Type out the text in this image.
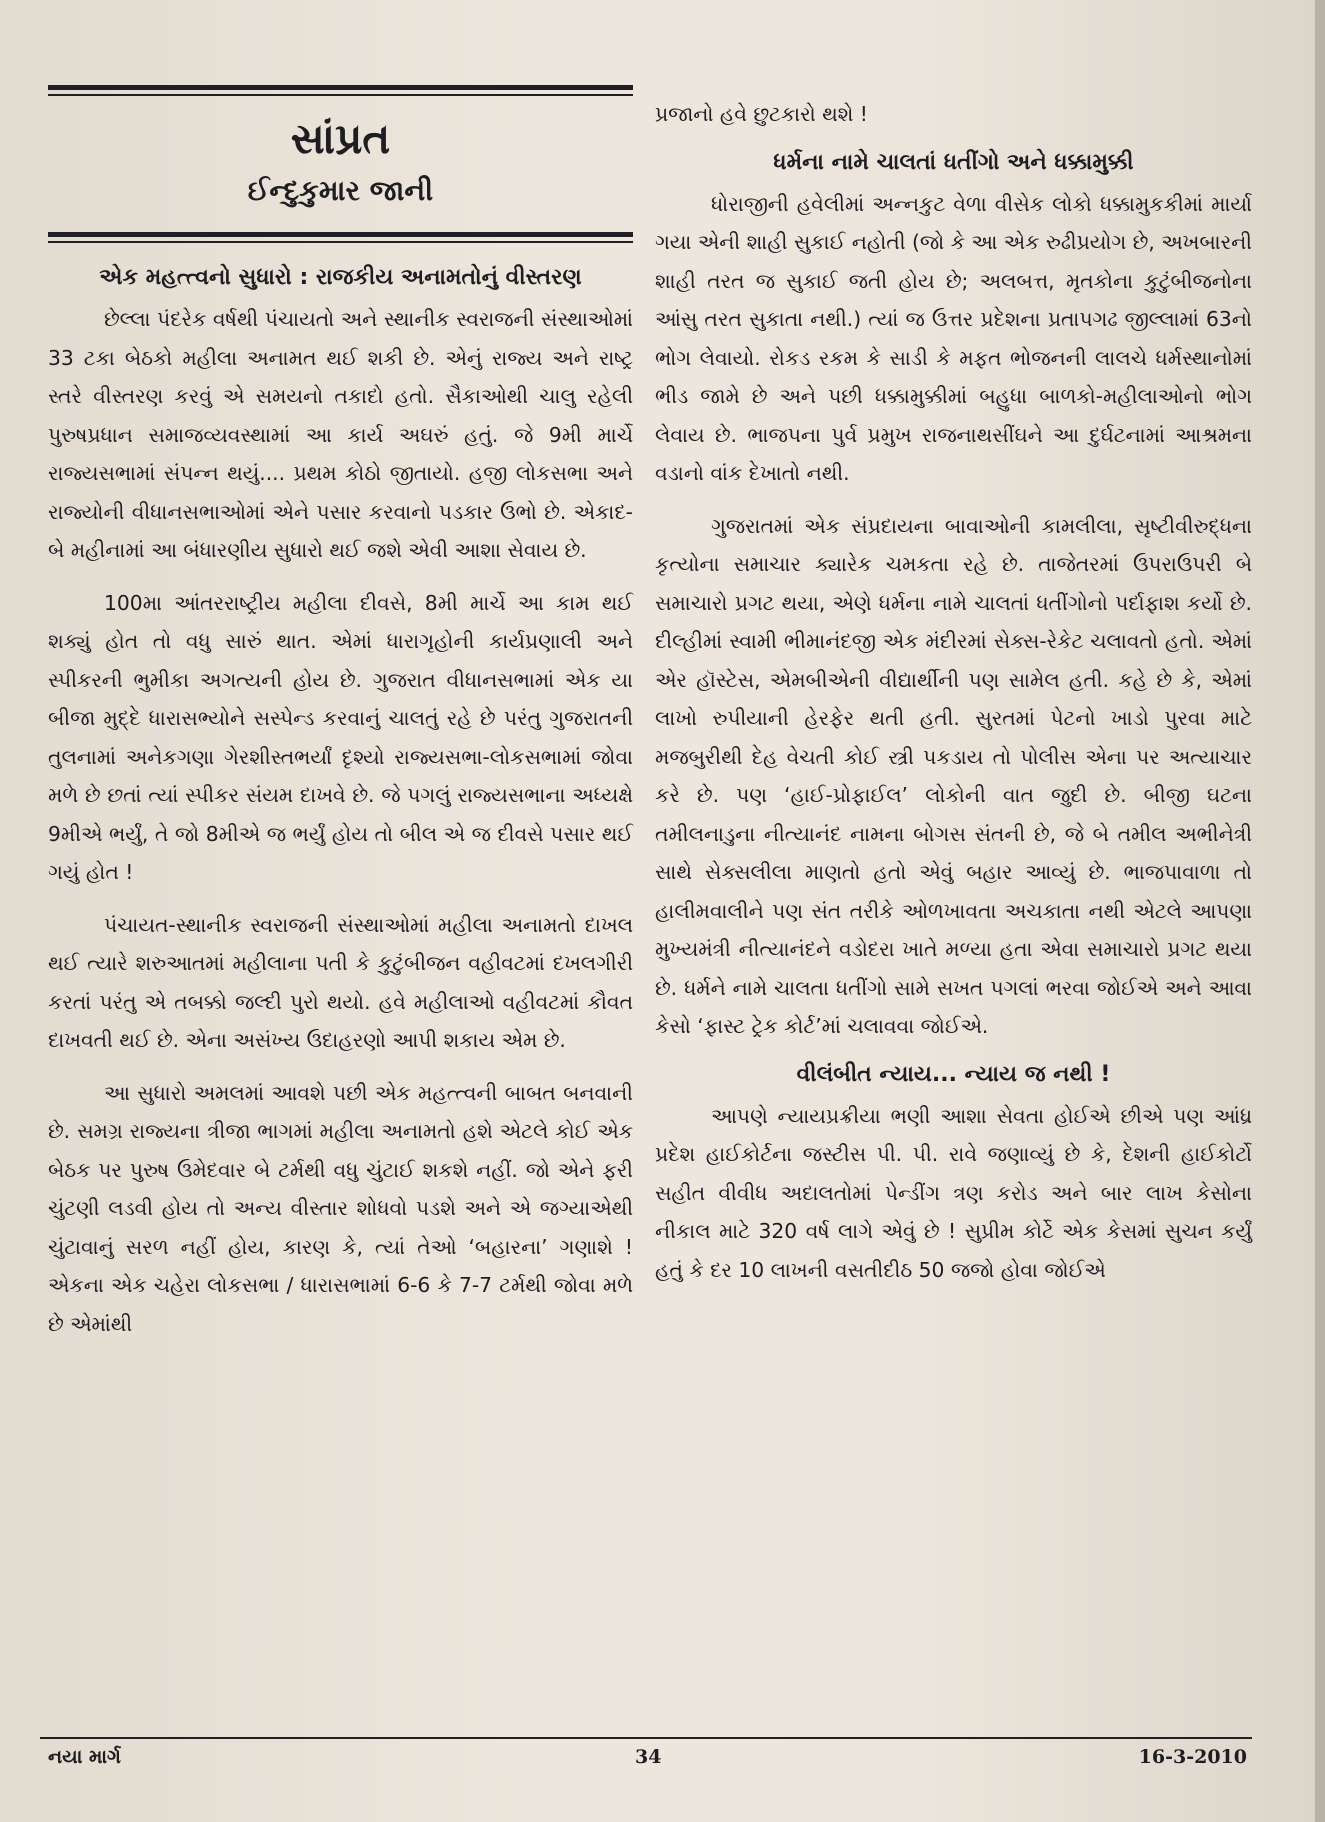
સાંપ્રત
ઈન્દુકુમાર જાની
એક મહત્ત્વનો સુધારો : રાજકીય અનામતોનું વીસ્તરણ

છેલ્લા પંદરેક વર્ષથી પંચાયતો અને સ્થાનીક સ્વરાજની સંસ્થાઓમાં 33 ટકા બેઠકો મહીલા અનામત થઈ શકી છે. એનું રાજ્ય અને રાષ્ટ્ર સ્તરે વીસ્તરણ કરવું એ સમયનો તકાદો હતો. સૈકાઓથી ચાલુ રહેલી પુરુષપ્રધાન સમાજવ્યવસ્થામાં આ કાર્ય અઘરું હતું. જે 9મી માર્ચે રાજ્યસભામાં સંપન્ન થયું.... પ્રથમ કોઠો જીતાયો. હજી લોકસભા અને રાજ્યોની વીધાનસભાઓમાં એને પસાર કરવાનો પડકાર ઉભો છે. એકાદ-બે મહીનામાં આ બંધારણીય સુધારો થઈ જશે એવી આશા સેવાય છે.

100મા આંતરરાષ્ટ્રીય મહીલા દીવસે, 8મી માર્ચે આ કામ થઈ શક્યું હોત તો વધુ સારું થાત. એમાં ધારાગૃહોની કાર્યપ્રણાલી અને સ્પીકરની ભુમીકા અગત્યની હોય છે. ગુજરાત વીધાનસભામાં એક યા બીજા મુદ્દે ધારાસભ્યોને સસ્પેન્ડ કરવાનું ચાલતું રહે છે પરંતુ ગુજરાતની તુલનામાં અનેકગણા ગેરશીસ્તભર્યાં દૃશ્યો રાજ્યસભા-લોકસભામાં જોવા મળે છે છતાં ત્યાં સ્પીકર સંયમ દાખવે છે. જે પગલું રાજ્યસભાના અધ્યક્ષે 9મીએ ભર્યું, તે જો 8મીએ જ ભર્યું હોય તો બીલ એ જ દીવસે પસાર થઈ ગયું હોત !

પંચાયત-સ્થાનીક સ્વરાજની સંસ્થાઓમાં મહીલા અનામતો દાખલ થઈ ત્યારે શરુઆતમાં મહીલાના પતી કે કુટુંબીજન વહીવટમાં દખલગીરી કરતાં પરંતુ એ તબક્કો જલ્દી પુરો થયો. હવે મહીલાઓ વહીવટમાં કૌવત દાખવતી થઈ છે. એના અસંખ્ય ઉદાહરણો આપી શકાય એમ છે.

આ સુધારો અમલમાં આવશે પછી એક મહત્ત્વની બાબત બનવાની છે. સમગ્ર રાજ્યના ત્રીજા ભાગમાં મહીલા અનામતો હશે એટલે કોઈ એક બેઠક પર પુરુષ ઉમેદવાર બે ટર્મથી વધુ ચુંટાઈ શકશે નહીં. જો એને ફરી ચુંટણી લડવી હોય તો અન્ય વીસ્તાર શોધવો પડશે અને એ જગ્યાએથી ચુંટાવાનું સરળ નહીં હોય, કારણ કે, ત્યાં તેઓ ‘બહારના’ ગણાશે ! એકના એક ચહેરા લોકસભા / ધારાસભામાં 6-6 કે 7-7 ટર્મથી જોવા મળે છે એમાંથી

પ્રજાનો હવે છુટકારો થશે !

ધર્મના નામે ચાલતાં ધતીંગો અને ધક્કામુક્કી

ધોરાજીની હવેલીમાં અન્નકુટ વેળા વીસેક લોકો ધક્કામુકકીમાં માર્યા ગયા એની શાહી સુકાઈ નહોતી (જો કે આ એક રુઢીપ્રયોગ છે, અખબારની શાહી તરત જ સુકાઈ જતી હોય છે; અલબત્ત, મૃતકોના કુટુંબીજનોના આંસુ તરત સુકાતા નથી.) ત્યાં જ ઉત્તર પ્રદેશના પ્રતાપગઢ જીલ્લામાં 63નો ભોગ લેવાયો. રોકડ રકમ કે સાડી કે મફત ભોજનની લાલચે ધર્મસ્થાનોમાં ભીડ જામે છે અને પછી ધક્કામુક્કીમાં બહુધા બાળકો-મહીલાઓનો ભોગ લેવાય છે. ભાજપના પુર્વ પ્રમુખ રાજનાથસીંઘને આ દુર્ઘટનામાં આશ્રમના વડાનો વાંક દેખાતો નથી.

ગુજરાતમાં એક સંપ્રદાયના બાવાઓની કામલીલા, સૃષ્ટીવીરુદ્ધના કૃત્યોના સમાચાર ક્યારેક ચમકતા રહે છે. તાજેતરમાં ઉપરાઉપરી બે સમાચારો પ્રગટ થયા, એણે ધર્મના નામે ચાલતાં ધતીંગોનો પર્દાફાશ કર્યો છે. દીલ્હીમાં સ્વામી ભીમાનંદજી એક મંદીરમાં સેક્સ-રેકેટ ચલાવતો હતો. એમાં એર હૉસ્ટેસ, એમબીએની વીદ્યાર્થીની પણ સામેલ હતી. કહે છે કે, એમાં લાખો રુપીયાની હેરફેર થતી હતી. સુરતમાં પેટનો ખાડો પુરવા માટે મજબુરીથી દેહ વેચતી કોઈ સ્ત્રી પકડાય તો પોલીસ એના પર અત્યાચાર કરે છે. પણ ‘હાઈ-પ્રોફાઈલ’ લોકોની વાત જુદી છે. બીજી ઘટના તમીલનાડુના નીત્યાનંદ નામના બોગસ સંતની છે, જે બે તમીલ અભીનેત્રી સાથે સેક્સલીલા માણતો હતો એવું બહાર આવ્યું છે. ભાજપાવાળા તો હાલીમવાલીને પણ સંત તરીકે ઓળખાવતા અચકાતા નથી એટલે આપણા મુખ્યમંત્રી નીત્યાનંદને વડોદરા ખાતે મળ્યા હતા એવા સમાચારો પ્રગટ થયા છે. ધર્મને નામે ચાલતા ધતીંગો સામે સખત પગલાં ભરવા જોઈએ અને આવા કેસો ‘ફાસ્ટ ટ્રેક કોર્ટ’માં ચલાવવા જોઈએ.

વીલંબીત ન્યાય... ન્યાય જ નથી !

આપણે ન્યાયપ્રક્રીયા ભણી આશા સેવતા હોઈએ છીએ પણ આંધ્ર પ્રદેશ હાઈકોર્ટના જસ્ટીસ પી. પી. રાવે જણાવ્યું છે કે, દેશની હાઈકોર્ટો સહીત વીવીધ અદાલતોમાં પેન્ડીંગ ત્રણ કરોડ અને બાર લાખ કેસોના નીકાલ માટે 320 વર્ષ લાગે એવું છે ! સુપ્રીમ કોર્ટે એક કેસમાં સુચન કર્યું હતું કે દર 10 લાખની વસતીદીઠ 50 જજો હોવા જોઈએ

નયા માર્ગ	34	16-3-2010
